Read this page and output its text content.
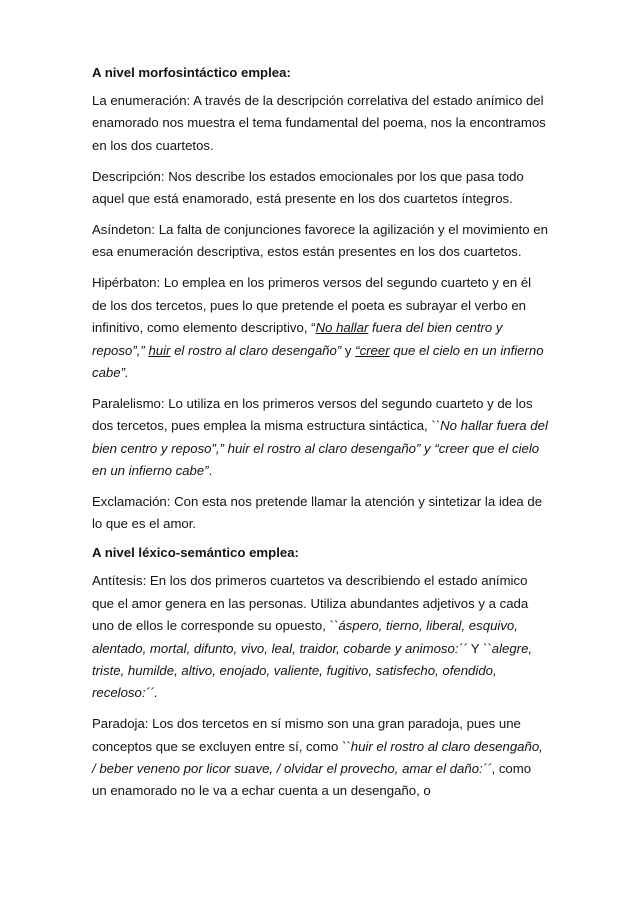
A nivel morfosintáctico emplea:

La enumeración: A través de la descripción correlativa del estado anímico del enamorado nos muestra el tema fundamental del poema, nos la encontramos en los dos cuartetos.

Descripción: Nos describe los estados emocionales por los que pasa todo aquel que está enamorado, está presente en los dos cuartetos íntegros.

Asíndeton: La falta de conjunciones favorece la agilización y el movimiento en esa enumeración descriptiva, estos están presentes en los dos cuartetos.

Hipérbaton: Lo emplea en los primeros versos del segundo cuarteto y en él de los dos tercetos, pues lo que pretende el poeta es subrayar el verbo en infinitivo, como elemento descriptivo, “No hallar fuera del bien centro y reposo”,” huir el rostro al claro desengaño” y “creer que el cielo en un infierno cabe”.

Paralelismo: Lo utiliza en los primeros versos del segundo cuarteto y de los dos tercetos, pues emplea la misma estructura sintáctica, ``No hallar fuera del bien centro y reposo”,” huir el rostro al claro desengaño” y “creer que el cielo en un infierno cabe”.

Exclamación: Con esta nos pretende llamar la atención y sintetizar la idea de lo que es el amor.

A nivel léxico-semántico emplea:

Antítesis: En los dos primeros cuartetos va describiendo el estado anímico que el amor genera en las personas. Utiliza abundantes adjetivos y a cada uno de ellos le corresponde su opuesto, ``áspero, tierno, liberal, esquivo, alentado, mortal, difunto, vivo, leal, traidor, cobarde y animoso:´´ Y ``alegre, triste, humilde, altivo, enojado, valiente, fugitivo, satisfecho, ofendido, receloso:´´.

Paradoja: Los dos tercetos en sí mismo son una gran paradoja, pues une conceptos que se excluyen entre sí, como ``huir el rostro al claro desengaño, / beber veneno por licor suave, / olvidar el provecho, amar el daño:´´, como un enamorado no le va a echar cuenta a un desengaño, o
